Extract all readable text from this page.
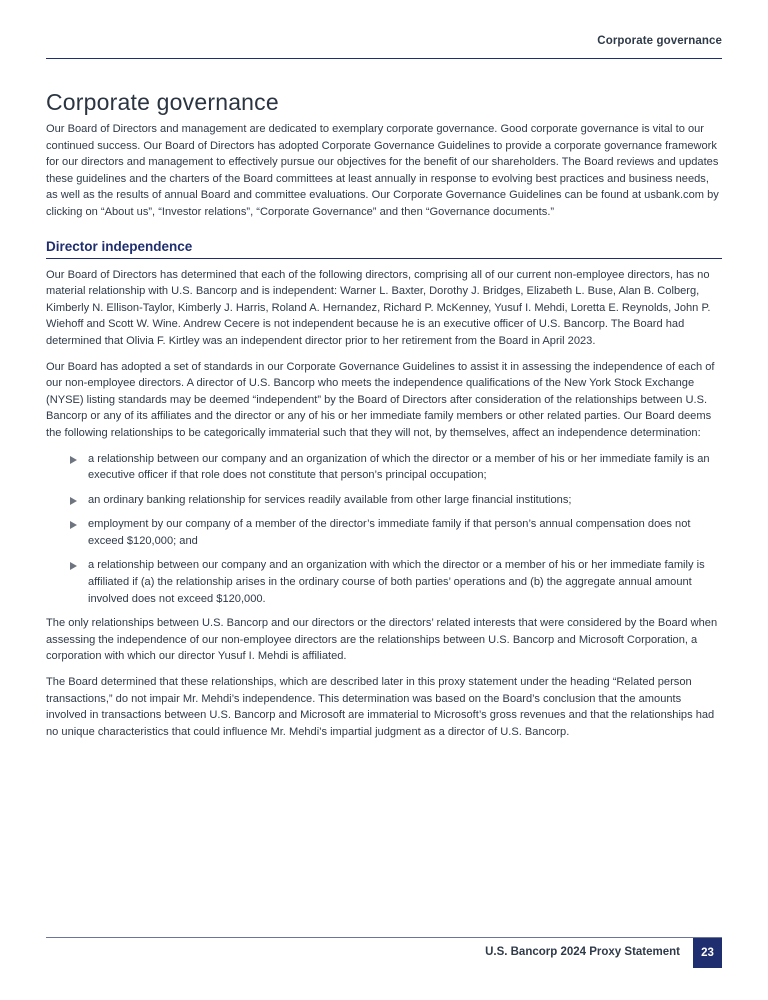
Corporate governance
Corporate governance

Our Board of Directors and management are dedicated to exemplary corporate governance. Good corporate governance is vital to our continued success. Our Board of Directors has adopted Corporate Governance Guidelines to provide a corporate governance framework for our directors and management to effectively pursue our objectives for the benefit of our shareholders. The Board reviews and updates these guidelines and the charters of the Board committees at least annually in response to evolving best practices and business needs, as well as the results of annual Board and committee evaluations. Our Corporate Governance Guidelines can be found at usbank.com by clicking on “About us”, “Investor relations”, “Corporate Governance” and then “Governance documents.”

Director independence

Our Board of Directors has determined that each of the following directors, comprising all of our current non-employee directors, has no material relationship with U.S. Bancorp and is independent: Warner L. Baxter, Dorothy J. Bridges, Elizabeth L. Buse, Alan B. Colberg, Kimberly N. Ellison-Taylor, Kimberly J. Harris, Roland A. Hernandez, Richard P. McKenney, Yusuf I. Mehdi, Loretta E. Reynolds, John P. Wiehoff and Scott W. Wine. Andrew Cecere is not independent because he is an executive officer of U.S. Bancorp. The Board had determined that Olivia F. Kirtley was an independent director prior to her retirement from the Board in April 2023.

Our Board has adopted a set of standards in our Corporate Governance Guidelines to assist it in assessing the independence of each of our non-employee directors. A director of U.S. Bancorp who meets the independence qualifications of the New York Stock Exchange (NYSE) listing standards may be deemed “independent” by the Board of Directors after consideration of the relationships between U.S. Bancorp or any of its affiliates and the director or any of his or her immediate family members or other related parties. Our Board deems the following relationships to be categorically immaterial such that they will not, by themselves, affect an independence determination:

a relationship between our company and an organization of which the director or a member of his or her immediate family is an executive officer if that role does not constitute that person’s principal occupation;
an ordinary banking relationship for services readily available from other large financial institutions;
employment by our company of a member of the director’s immediate family if that person’s annual compensation does not exceed $120,000; and
a relationship between our company and an organization with which the director or a member of his or her immediate family is affiliated if (a) the relationship arises in the ordinary course of both parties’ operations and (b) the aggregate annual amount involved does not exceed $120,000.

The only relationships between U.S. Bancorp and our directors or the directors’ related interests that were considered by the Board when assessing the independence of our non-employee directors are the relationships between U.S. Bancorp and Microsoft Corporation, a corporation with which our director Yusuf I. Mehdi is affiliated.

The Board determined that these relationships, which are described later in this proxy statement under the heading “Related person transactions,” do not impair Mr. Mehdi’s independence. This determination was based on the Board’s conclusion that the amounts involved in transactions between U.S. Bancorp and Microsoft are immaterial to Microsoft’s gross revenues and that the relationships had no unique characteristics that could influence Mr. Mehdi’s impartial judgment as a director of U.S. Bancorp.

U.S. Bancorp 2024 Proxy Statement	23
